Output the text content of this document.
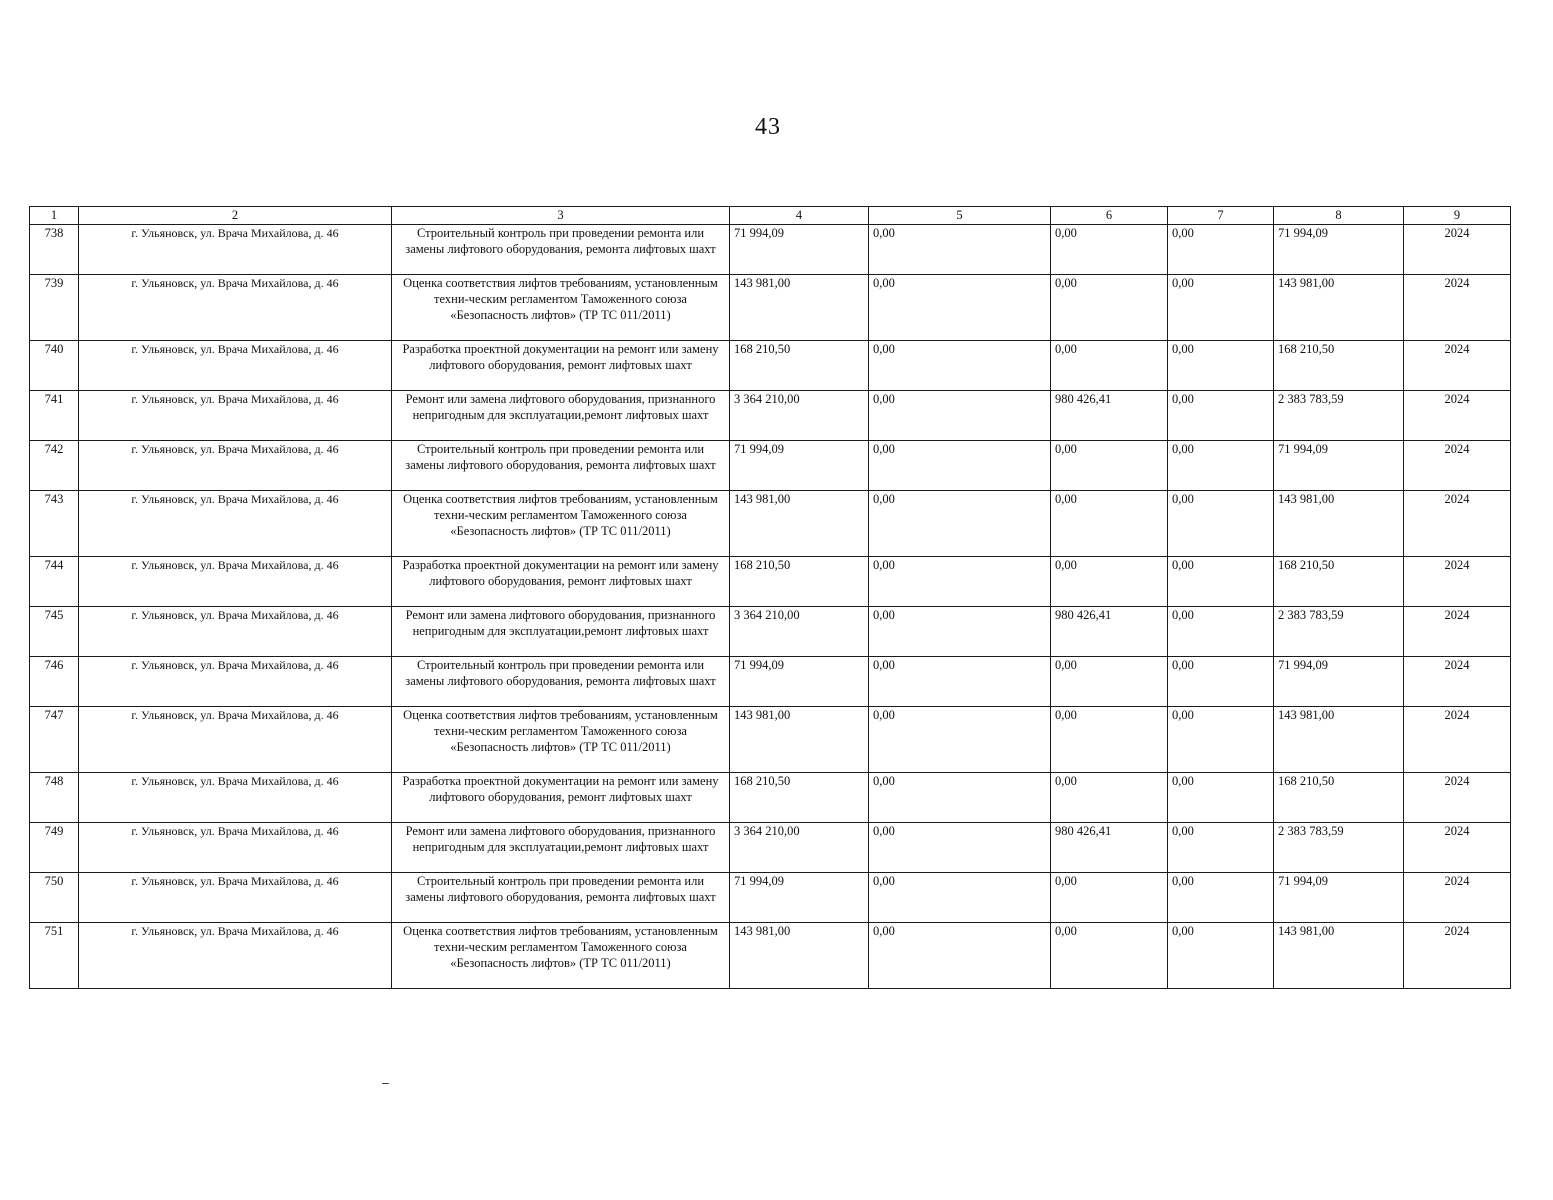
43
1	2	3	4	5	6	7	8	9
738	г. Ульяновск, ул. Врача Михайлова, д. 46	Строительный контроль при проведении ремонта или замены лифтового оборудования, ремонта лифтовых шахт	71 994,09	0,00	0,00	0,00	71 994,09	2024
739	г. Ульяновск, ул. Врача Михайлова, д. 46	Оценка соответствия лифтов требованиям, установленным техни-ческим регламентом Таможенного союза «Безопасность лифтов» (ТР ТС 011/2011)	143 981,00	0,00	0,00	0,00	143 981,00	2024
740	г. Ульяновск, ул. Врача Михайлова, д. 46	Разработка проектной документации на ремонт или замену лифтового оборудования, ремонт лифтовых шахт	168 210,50	0,00	0,00	0,00	168 210,50	2024
741	г. Ульяновск, ул. Врача Михайлова, д. 46	Ремонт или замена лифтового оборудования, признанного непригодным для эксплуатации,ремонт лифтовых шахт	3 364 210,00	0,00	980 426,41	0,00	2 383 783,59	2024
742	г. Ульяновск, ул. Врача Михайлова, д. 46	Строительный контроль при проведении ремонта или замены лифтового оборудования, ремонта лифтовых шахт	71 994,09	0,00	0,00	0,00	71 994,09	2024
743	г. Ульяновск, ул. Врача Михайлова, д. 46	Оценка соответствия лифтов требованиям, установленным техни-ческим регламентом Таможенного союза «Безопасность лифтов» (ТР ТС 011/2011)	143 981,00	0,00	0,00	0,00	143 981,00	2024
744	г. Ульяновск, ул. Врача Михайлова, д. 46	Разработка проектной документации на ремонт или замену лифтового оборудования, ремонт лифтовых шахт	168 210,50	0,00	0,00	0,00	168 210,50	2024
745	г. Ульяновск, ул. Врача Михайлова, д. 46	Ремонт или замена лифтового оборудования, признанного непригодным для эксплуатации,ремонт лифтовых шахт	3 364 210,00	0,00	980 426,41	0,00	2 383 783,59	2024
746	г. Ульяновск, ул. Врача Михайлова, д. 46	Строительный контроль при проведении ремонта или замены лифтового оборудования, ремонта лифтовых шахт	71 994,09	0,00	0,00	0,00	71 994,09	2024
747	г. Ульяновск, ул. Врача Михайлова, д. 46	Оценка соответствия лифтов требованиям, установленным техни-ческим регламентом Таможенного союза «Безопасность лифтов» (ТР ТС 011/2011)	143 981,00	0,00	0,00	0,00	143 981,00	2024
748	г. Ульяновск, ул. Врача Михайлова, д. 46	Разработка проектной документации на ремонт или замену лифтового оборудования, ремонт лифтовых шахт	168 210,50	0,00	0,00	0,00	168 210,50	2024
749	г. Ульяновск, ул. Врача Михайлова, д. 46	Ремонт или замена лифтового оборудования, признанного непригодным для эксплуатации,ремонт лифтовых шахт	3 364 210,00	0,00	980 426,41	0,00	2 383 783,59	2024
750	г. Ульяновск, ул. Врача Михайлова, д. 46	Строительный контроль при проведении ремонта или замены лифтового оборудования, ремонта лифтовых шахт	71 994,09	0,00	0,00	0,00	71 994,09	2024
751	г. Ульяновск, ул. Врача Михайлова, д. 46	Оценка соответствия лифтов требованиям, установленным техни-ческим регламентом Таможенного союза «Безопасность лифтов» (ТР ТС 011/2011)	143 981,00	0,00	0,00	0,00	143 981,00	2024
